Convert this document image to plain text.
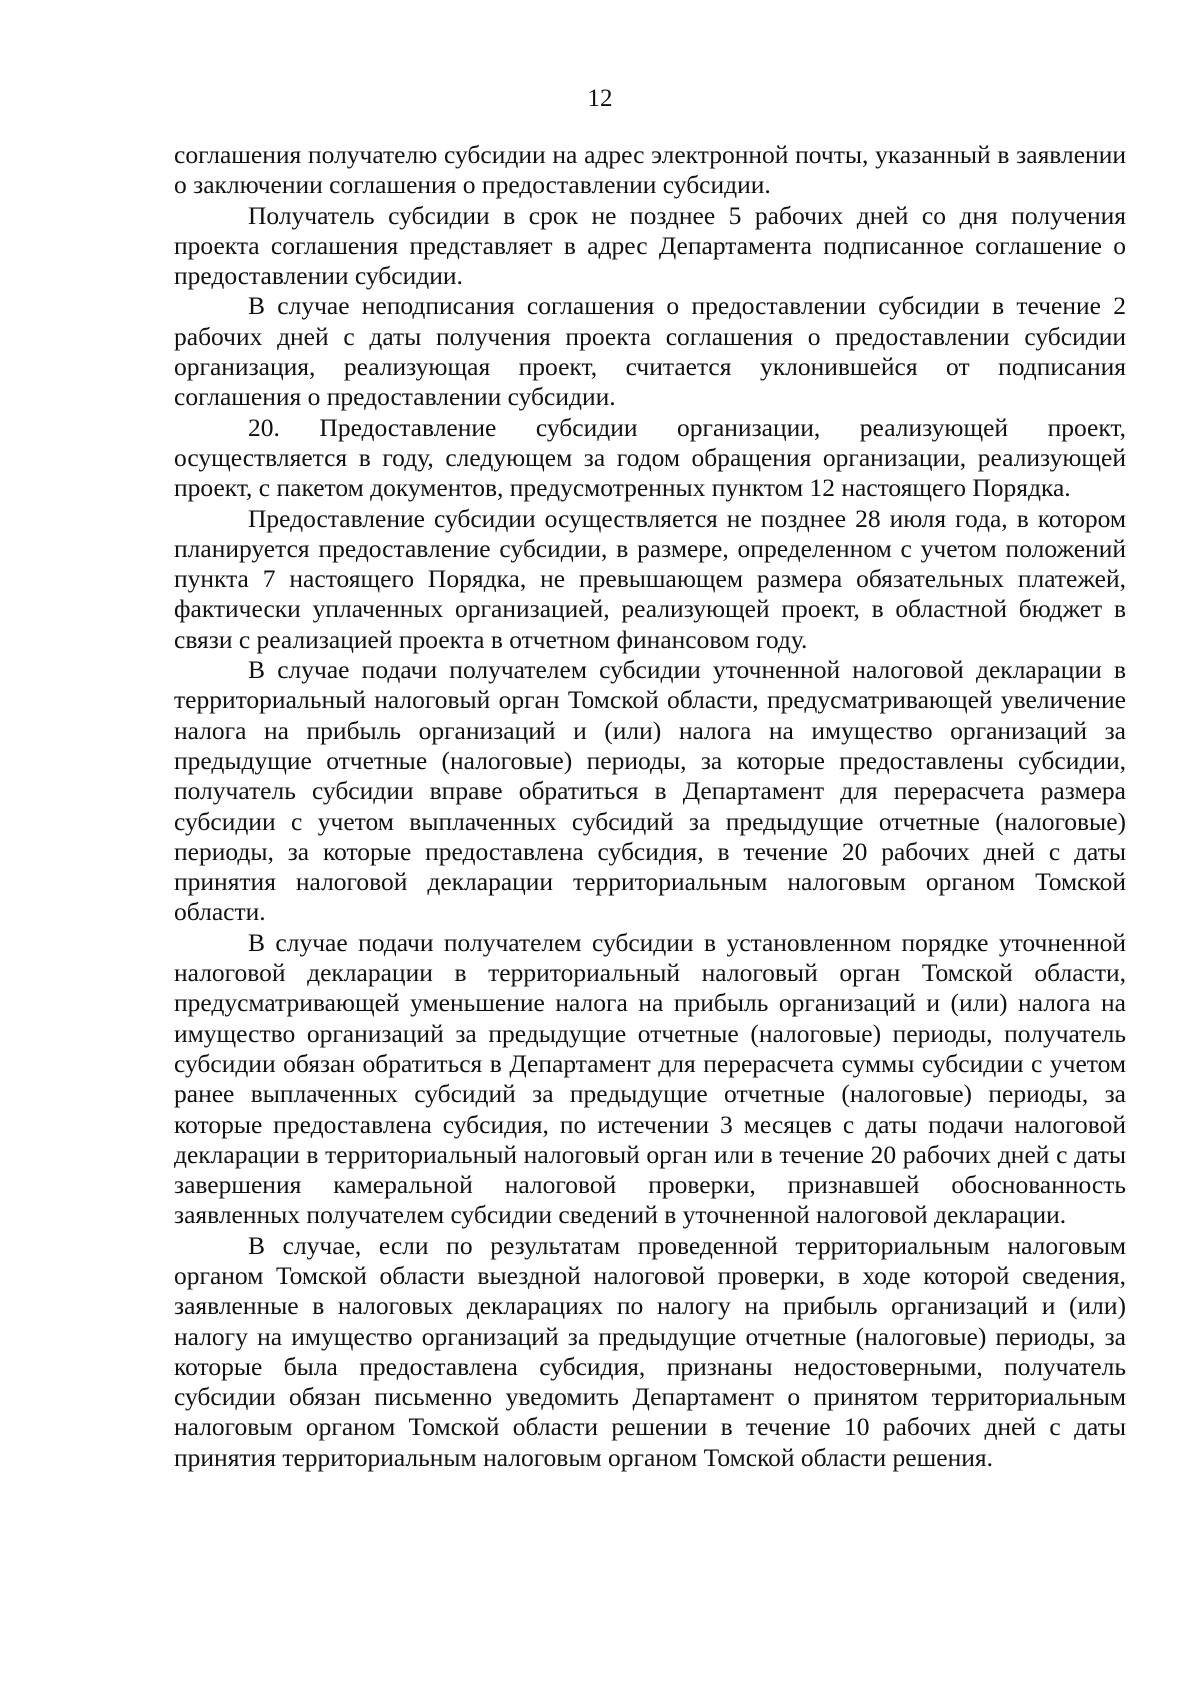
12

соглашения получателю субсидии на адрес электронной почты, указанный в заявлении о заключении соглашения о предоставлении субсидии.

Получатель субсидии в срок не позднее 5 рабочих дней со дня получения проекта соглашения представляет в адрес Департамента подписанное соглашение о предоставлении субсидии.

В случае неподписания соглашения о предоставлении субсидии в течение 2 рабочих дней с даты получения проекта соглашения о предоставлении субсидии организация, реализующая проект, считается уклонившейся от подписания соглашения о предоставлении субсидии.

20. Предоставление субсидии организации, реализующей проект, осуществляется в году, следующем за годом обращения организации, реализующей проект, с пакетом документов, предусмотренных пунктом 12 настоящего Порядка.

Предоставление субсидии осуществляется не позднее 28 июля года, в котором планируется предоставление субсидии, в размере, определенном с учетом положений пункта 7 настоящего Порядка, не превышающем размера обязательных платежей, фактически уплаченных организацией, реализующей проект, в областной бюджет в связи с реализацией проекта в отчетном финансовом году.

В случае подачи получателем субсидии уточненной налоговой декларации в территориальный налоговый орган Томской области, предусматривающей увеличение налога на прибыль организаций и (или) налога на имущество организаций за предыдущие отчетные (налоговые) периоды, за которые предоставлены субсидии, получатель субсидии вправе обратиться в Департамент для перерасчета размера субсидии с учетом выплаченных субсидий за предыдущие отчетные (налоговые) периоды, за которые предоставлена субсидия, в течение 20 рабочих дней с даты принятия налоговой декларации территориальным налоговым органом Томской области.

В случае подачи получателем субсидии в установленном порядке уточненной налоговой декларации в территориальный налоговый орган Томской области, предусматривающей уменьшение налога на прибыль организаций и (или) налога на имущество организаций за предыдущие отчетные (налоговые) периоды, получатель субсидии обязан обратиться в Департамент для перерасчета суммы субсидии с учетом ранее выплаченных субсидий за предыдущие отчетные (налоговые) периоды, за которые предоставлена субсидия, по истечении 3 месяцев с даты подачи налоговой декларации в территориальный налоговый орган или в течение 20 рабочих дней с даты завершения камеральной налоговой проверки, признавшей обоснованность заявленных получателем субсидии сведений в уточненной налоговой декларации.

В случае, если по результатам проведенной территориальным налоговым органом Томской области выездной налоговой проверки, в ходе которой сведения, заявленные в налоговых декларациях по налогу на прибыль организаций и (или) налогу на имущество организаций за предыдущие отчетные (налоговые) периоды, за которые была предоставлена субсидия, признаны недостоверными, получатель субсидии обязан письменно уведомить Департамент о принятом территориальным налоговым органом Томской области решении в течение 10 рабочих дней с даты принятия территориальным налоговым органом Томской области решения.
